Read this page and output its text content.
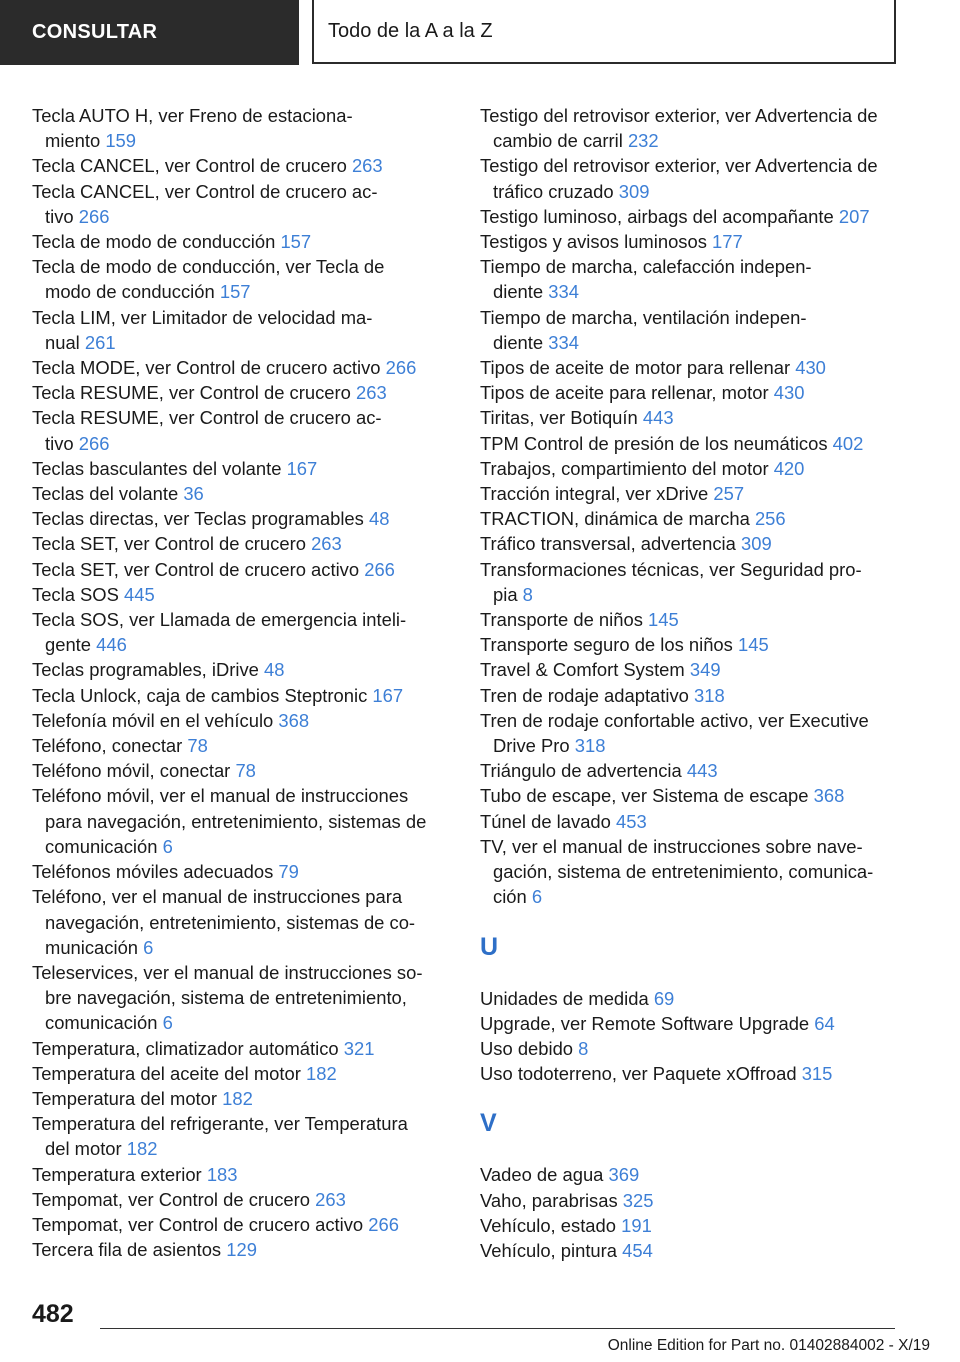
CONSULTAR	Todo de la A a la Z
Tecla AUTO H, ver Freno de estaciona-
miento 159
Tecla CANCEL, ver Control de crucero 263
Tecla CANCEL, ver Control de crucero ac-
tivo 266
Tecla de modo de conducción 157
Tecla de modo de conducción, ver Tecla de
modo de conducción 157
Tecla LIM, ver Limitador de velocidad ma-
nual 261
Tecla MODE, ver Control de crucero activo 266
Tecla RESUME, ver Control de crucero 263
Tecla RESUME, ver Control de crucero ac-
tivo 266
Teclas basculantes del volante 167
Teclas del volante 36
Teclas directas, ver Teclas programables 48
Tecla SET, ver Control de crucero 263
Tecla SET, ver Control de crucero activo 266
Tecla SOS 445
Tecla SOS, ver Llamada de emergencia inteli-
gente 446
Teclas programables, iDrive 48
Tecla Unlock, caja de cambios Steptronic 167
Telefonía móvil en el vehículo 368
Teléfono, conectar 78
Teléfono móvil, conectar 78
Teléfono móvil, ver el manual de instrucciones
para navegación, entretenimiento, sistemas de
comunicación 6
Teléfonos móviles adecuados 79
Teléfono, ver el manual de instrucciones para
navegación, entretenimiento, sistemas de co-
municación 6
Teleservices, ver el manual de instrucciones so-
bre navegación, sistema de entretenimiento,
comunicación 6
Temperatura, climatizador automático 321
Temperatura del aceite del motor 182
Temperatura del motor 182
Temperatura del refrigerante, ver Temperatura
del motor 182
Temperatura exterior 183
Tempomat, ver Control de crucero 263
Tempomat, ver Control de crucero activo 266
Tercera fila de asientos 129
Testigo del retrovisor exterior, ver Advertencia de
cambio de carril 232
Testigo del retrovisor exterior, ver Advertencia de
tráfico cruzado 309
Testigo luminoso, airbags del acompañante 207
Testigos y avisos luminosos 177
Tiempo de marcha, calefacción indepen-
diente 334
Tiempo de marcha, ventilación indepen-
diente 334
Tipos de aceite de motor para rellenar 430
Tipos de aceite para rellenar, motor 430
Tiritas, ver Botiquín 443
TPM Control de presión de los neumáticos 402
Trabajos, compartimiento del motor 420
Tracción integral, ver xDrive 257
TRACTION, dinámica de marcha 256
Tráfico transversal, advertencia 309
Transformaciones técnicas, ver Seguridad pro-
pia 8
Transporte de niños 145
Transporte seguro de los niños 145
Travel & Comfort System 349
Tren de rodaje adaptativo 318
Tren de rodaje confortable activo, ver Executive
Drive Pro 318
Triángulo de advertencia 443
Tubo de escape, ver Sistema de escape 368
Túnel de lavado 453
TV, ver el manual de instrucciones sobre nave-
gación, sistema de entretenimiento, comunica-
ción 6
U
Unidades de medida 69
Upgrade, ver Remote Software Upgrade 64
Uso debido 8
Uso todoterreno, ver Paquete xOffroad 315
V
Vadeo de agua 369
Vaho, parabrisas 325
Vehículo, estado 191
Vehículo, pintura 454
482
Online Edition for Part no. 01402884002 - X/19
